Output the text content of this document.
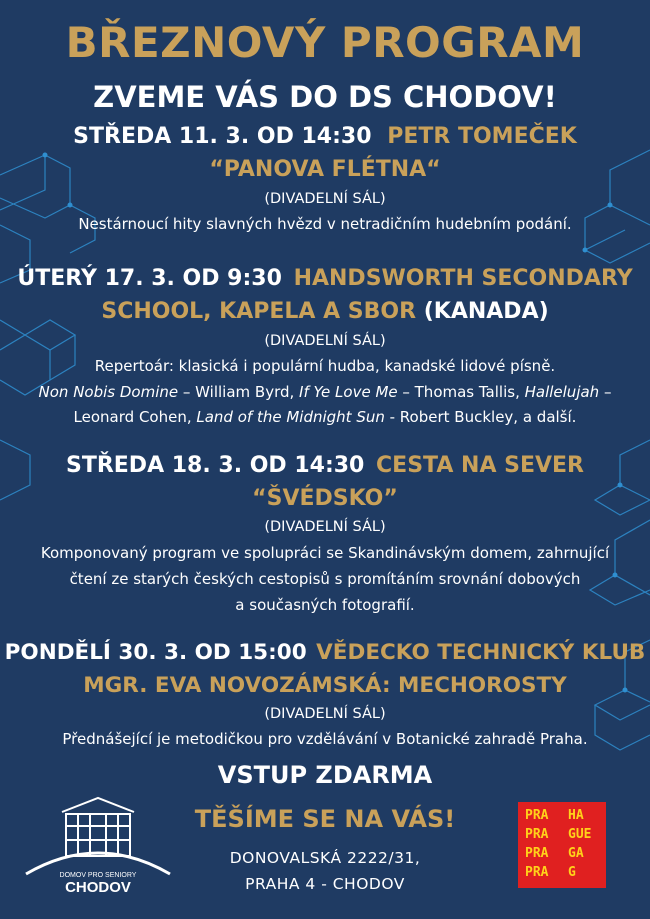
BŘEZNOVÝ PROGRAM
ZVEME VÁS DO DS CHODOV!
STŘEDA 11. 3. OD 14:30 PETR TOMEČEK
“PANOVA FLÉTNA“
(DIVADELNÍ SÁL)
Nestárnoucí hity slavných hvězd v netradičním hudebním podání.
ÚTERÝ 17. 3. OD 9:30 HANDSWORTH SECONDARY
SCHOOL, KAPELA A SBOR (KANADA)
(DIVADELNÍ SÁL)
Repertoár: klasická i populární hudba, kanadské lidové písně.
Non Nobis Domine – William Byrd, If Ye Love Me – Thomas Tallis, Hallelujah –
Leonard Cohen, Land of the Midnight Sun - Robert Buckley, a další.
STŘEDA 18. 3. OD 14:30 CESTA NA SEVER
“ŠVÉDSKO”
(DIVADELNÍ SÁL)
Komponovaný program ve spolupráci se Skandinávským domem, zahrnující
čtení ze starých českých cestopisů s promítáním srovnání dobových
a současných fotografií.
PONDĚLÍ 30. 3. OD 15:00 VĚDECKO TECHNICKÝ KLUB
MGR. EVA NOVOZÁMSKÁ: MECHOROSTY
(DIVADELNÍ SÁL)
Přednášející je metodičkou pro vzdělávání v Botanické zahradě Praha.
VSTUP ZDARMA
TĚŠÍME SE NA VÁS!
DONOVALSKÁ 2222/31,
PRAHA 4 - CHODOV
DOMOV PRO SENIORY
CHODOV
PRA HA
PRA GUE
PRA GA
PRA G
